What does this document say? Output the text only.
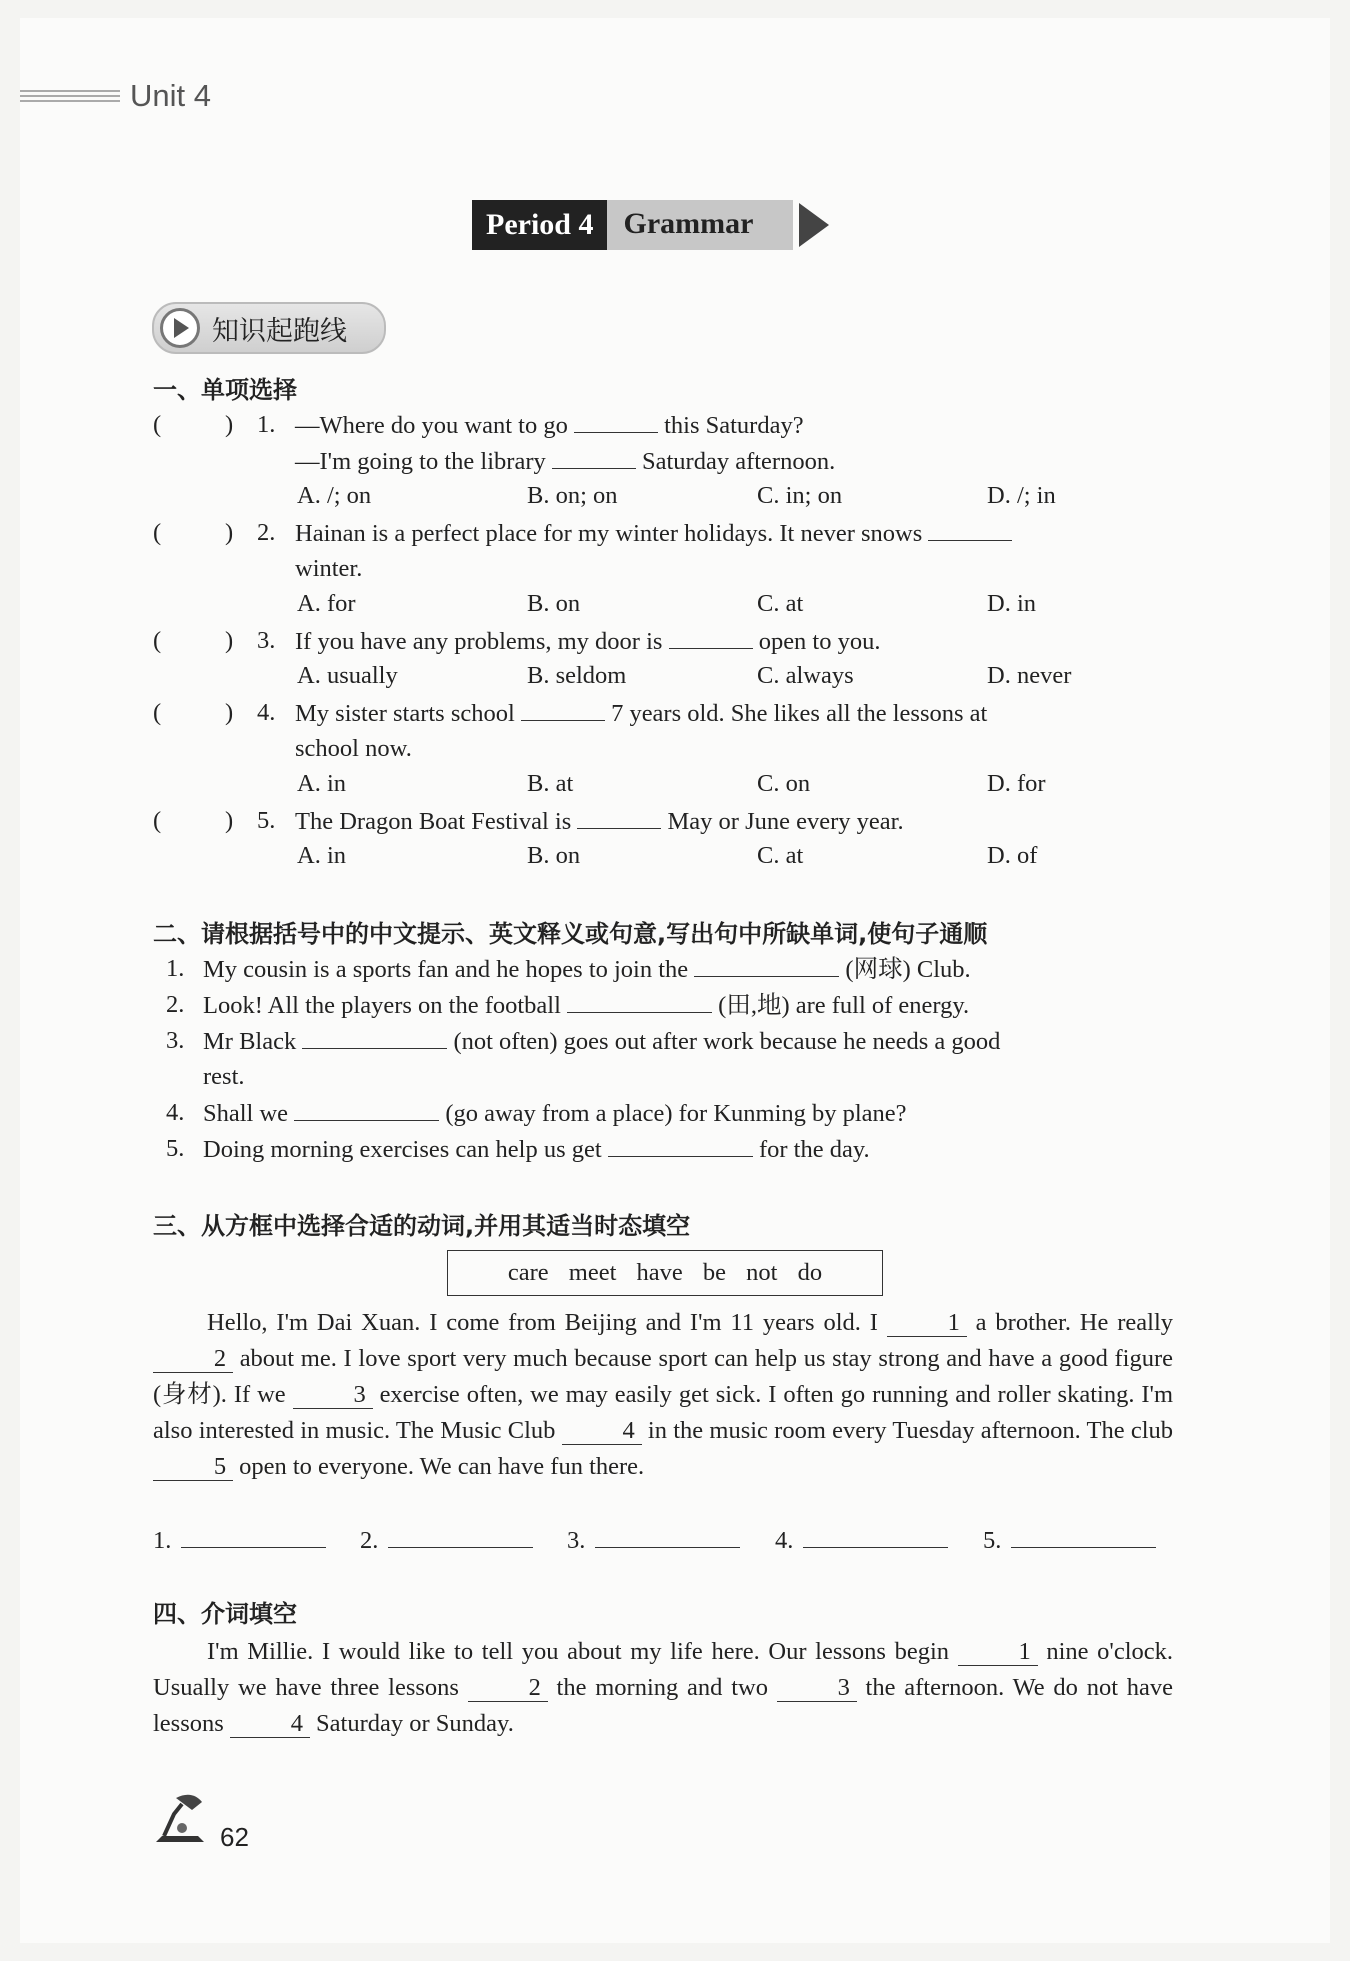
Unit 4
Period 4	Grammar
知识起跑线
一、单项选择
(	) 1. —Where do you want to go	this Saturday?
—I'm going to the library	Saturday afternoon.
A. /; on	B. on; on	C. in; on	D. /; in
(	) 2. Hainan is a perfect place for my winter holidays. It never snows
winter.
A. for	B. on	C. at	D. in
(	) 3. If you have any problems, my door is	open to you.
A. usually	B. seldom	C. always	D. never
(	) 4. My sister starts school	7 years old. She likes all the lessons at
school now.
A. in	B. at	C. on	D. for
(	) 5. The Dragon Boat Festival is	May or June every year.
A. in	B. on	C. at	D. of
二、请根据括号中的中文提示、英文释义或句意,写出句中所缺单词,使句子通顺
1. My cousin is a sports fan and he hopes to join the	(网球) Club.
2. Look! All the players on the football	(田,地) are full of energy.
3. Mr Black	(not often) goes out after work because he needs a good
rest.
4. Shall we	(go away from a place) for Kunming by plane?
5. Doing morning exercises can help us get	for the day.
三、从方框中选择合适的动词,并用其适当时态填空
care meet have be not do
Hello, I'm Dai Xuan. I come from Beijing and I'm 11 years old. I	1 a brother. He really 2 about me. I love sport very much because sport can help us stay strong and have a good figure (身材). If we	3 exercise often, we may easily get sick. I often go running and roller skating. I'm also interested in music. The Music Club	4 in the music room every Tuesday afternoon. The club 5 open to everyone. We can have fun there.
1.	2.	3.	4.	5.
四、介词填空
I'm Millie. I would like to tell you about my life here. Our lessons begin	1 nine o'clock. Usually we have three lessons	2 the morning and two	3 the afternoon. We do not have lessons	4 Saturday or Sunday.
62
